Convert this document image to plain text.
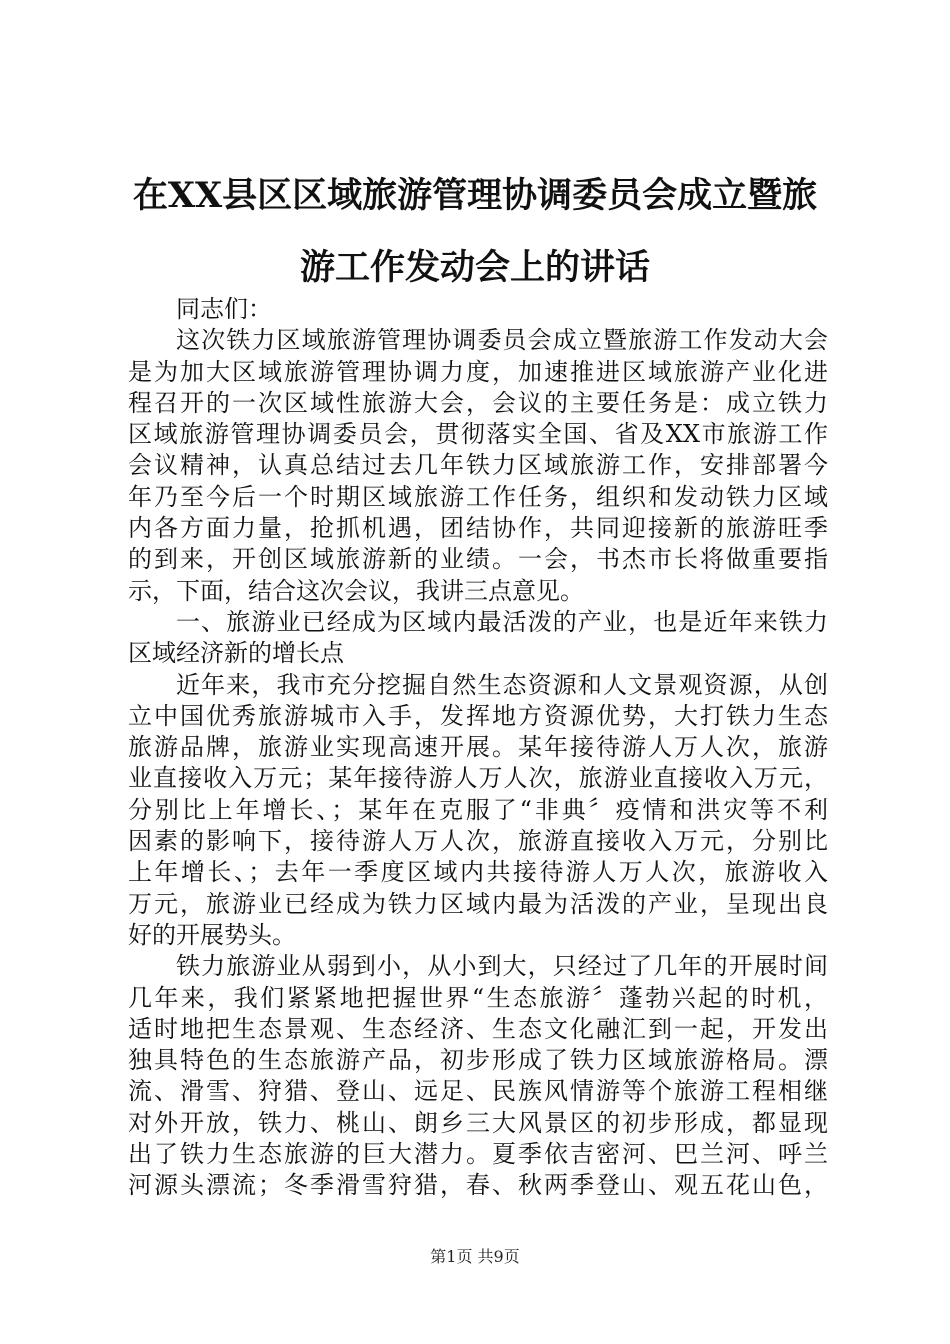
在XX县区区域旅游管理协调委员会成立暨旅
游工作发动会上的讲话
同志们：
这次铁力区域旅游管理协调委员会成立暨旅游工作发动大会
是为加大区域旅游管理协调力度，加速推进区域旅游产业化进
程召开的一次区域性旅游大会，会议的主要任务是：成立铁力
区域旅游管理协调委员会，贯彻落实全国、省及XX市旅游工作
会议精神，认真总结过去几年铁力区域旅游工作，安排部署今
年乃至今后一个时期区域旅游工作任务，组织和发动铁力区域
内各方面力量，抢抓机遇，团结协作，共同迎接新的旅游旺季
的到来，开创区域旅游新的业绩。一会，书杰市长将做重要指
示，下面，结合这次会议，我讲三点意见。
一、旅游业已经成为区域内最活泼的产业，也是近年来铁力
区域经济新的增长点
近年来，我市充分挖掘自然生态资源和人文景观资源，从创
立中国优秀旅游城市入手，发挥地方资源优势，大打铁力生态
旅游品牌，旅游业实现高速开展。某年接待游人万人次，旅游
业直接收入万元；某年接待游人万人次，旅游业直接收入万元，
分别比上年增长、；某年在克服了“非典〞疫情和洪灾等不利
因素的影响下，接待游人万人次，旅游直接收入万元，分别比
上年增长、；去年一季度区域内共接待游人万人次，旅游收入
万元，旅游业已经成为铁力区域内最为活泼的产业，呈现出良
好的开展势头。
铁力旅游业从弱到小，从小到大，只经过了几年的开展时间
几年来，我们紧紧地把握世界“生态旅游〞蓬勃兴起的时机，
适时地把生态景观、生态经济、生态文化融汇到一起，开发出
独具特色的生态旅游产品，初步形成了铁力区域旅游格局。漂
流、滑雪、狩猎、登山、远足、民族风情游等个旅游工程相继
对外开放，铁力、桃山、朗乡三大风景区的初步形成，都显现
出了铁力生态旅游的巨大潜力。夏季依吉密河、巴兰河、呼兰
河源头漂流；冬季滑雪狩猎，春、秋两季登山、观五花山色，
第1页 共9页
